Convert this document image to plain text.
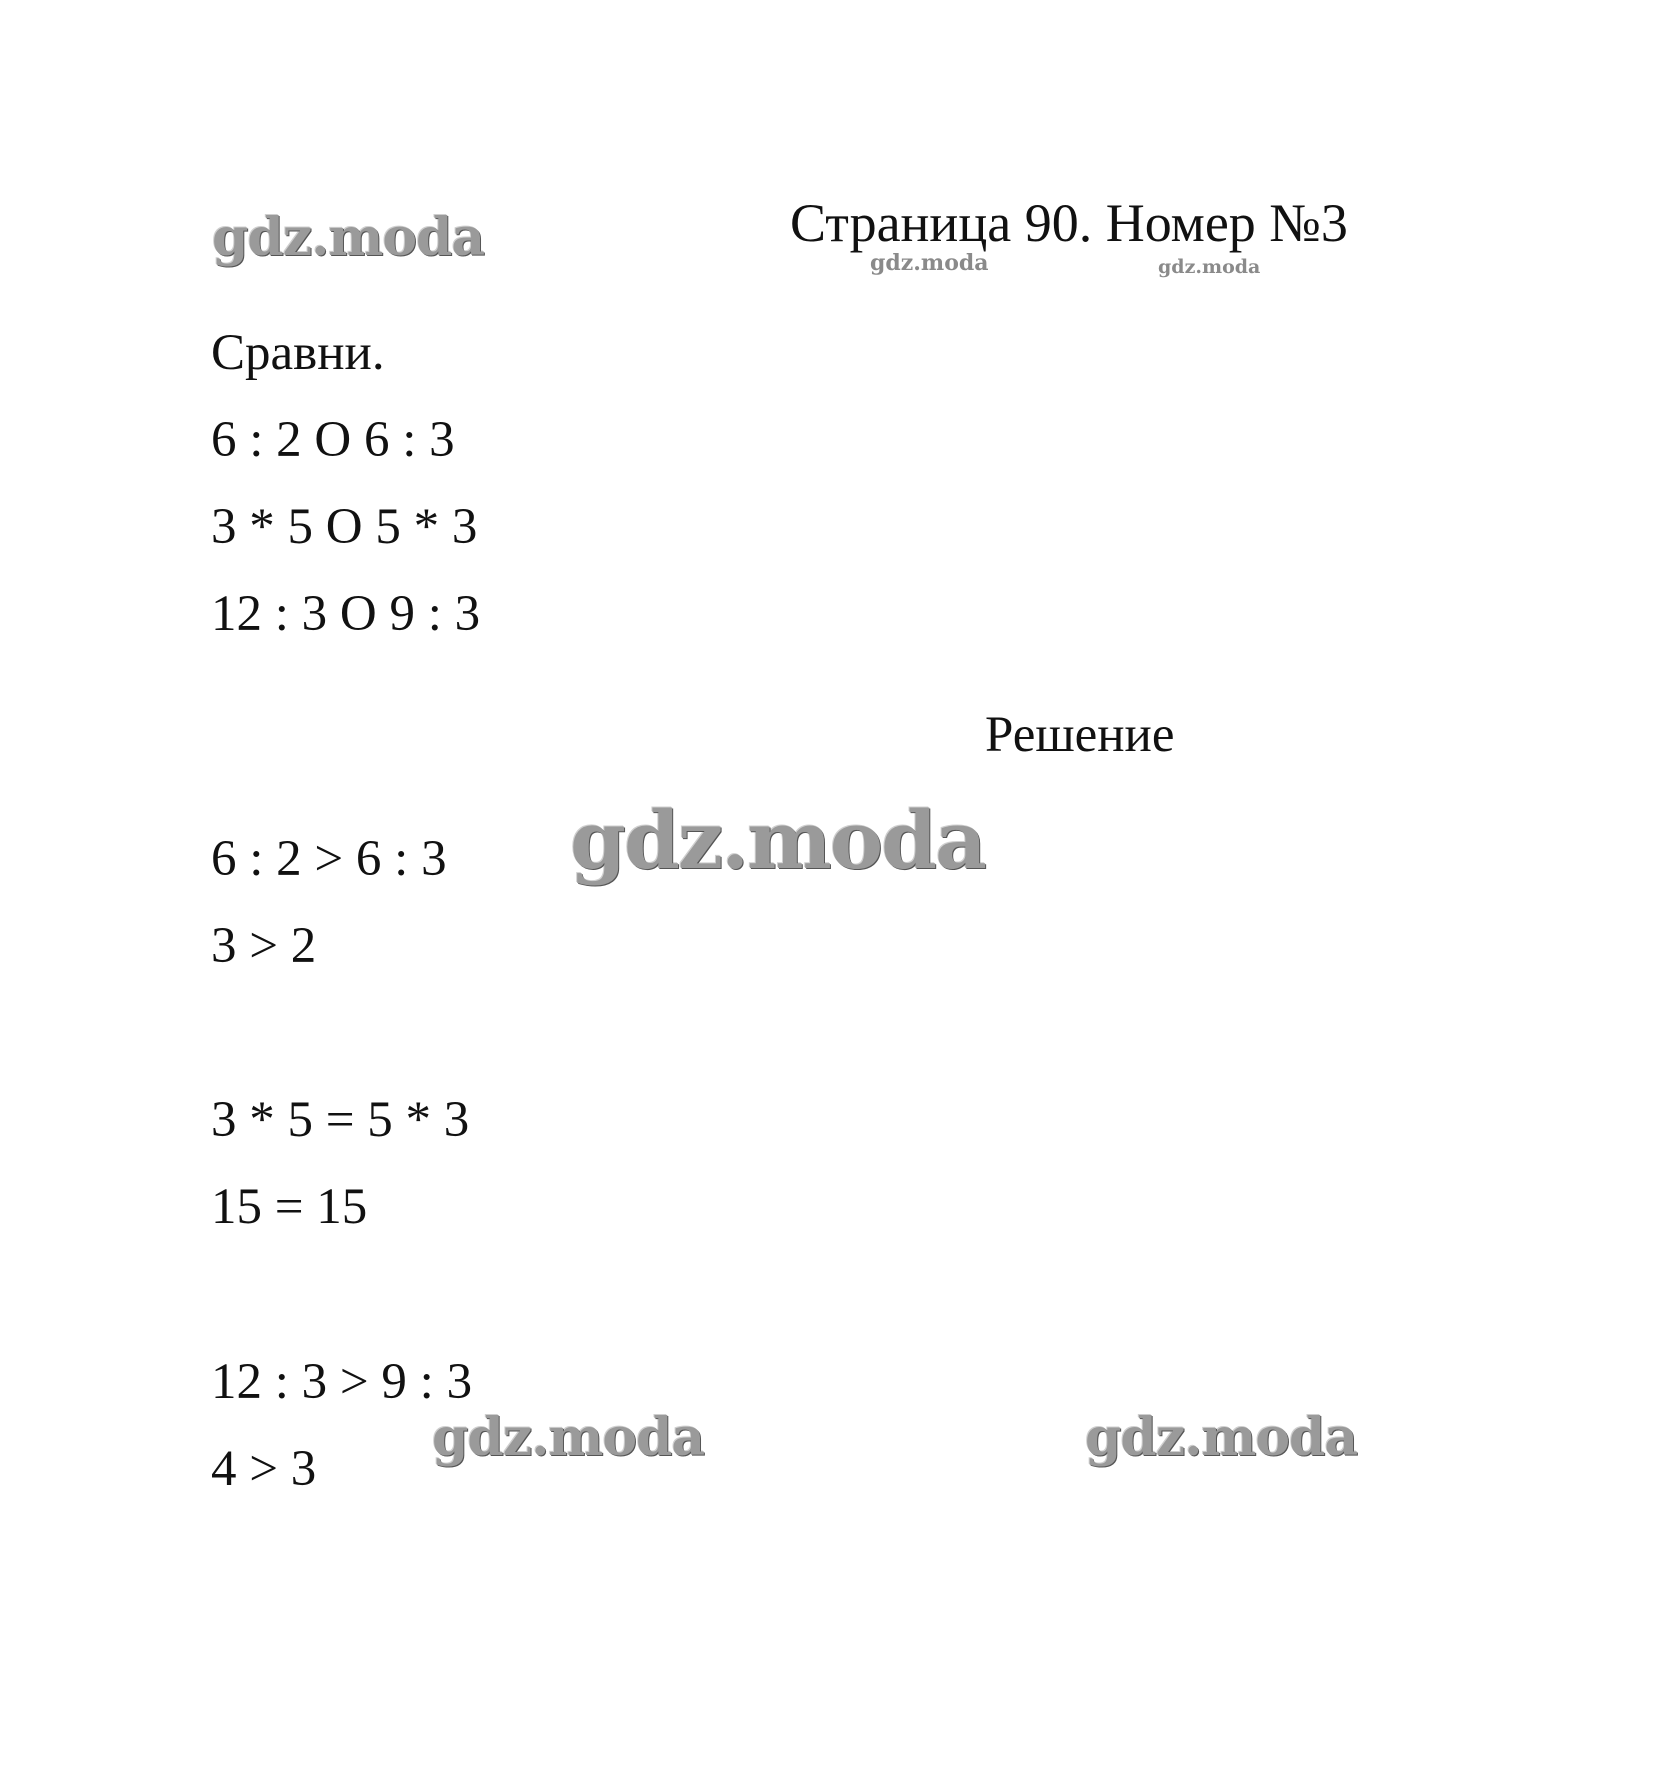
gdz.moda	gdz.moda	gdz.moda
gdz.moda
gdz.moda	gdz.moda
Страница 90. Номер №3
Сравни.
6 : 2 О 6 : 3
3 * 5 О 5 * 3
12 : 3 О 9 : 3
Решение
6 : 2 > 6 : 3
3 > 2
3 * 5 = 5 * 3
15 = 15
12 : 3 > 9 : 3
4 > 3
